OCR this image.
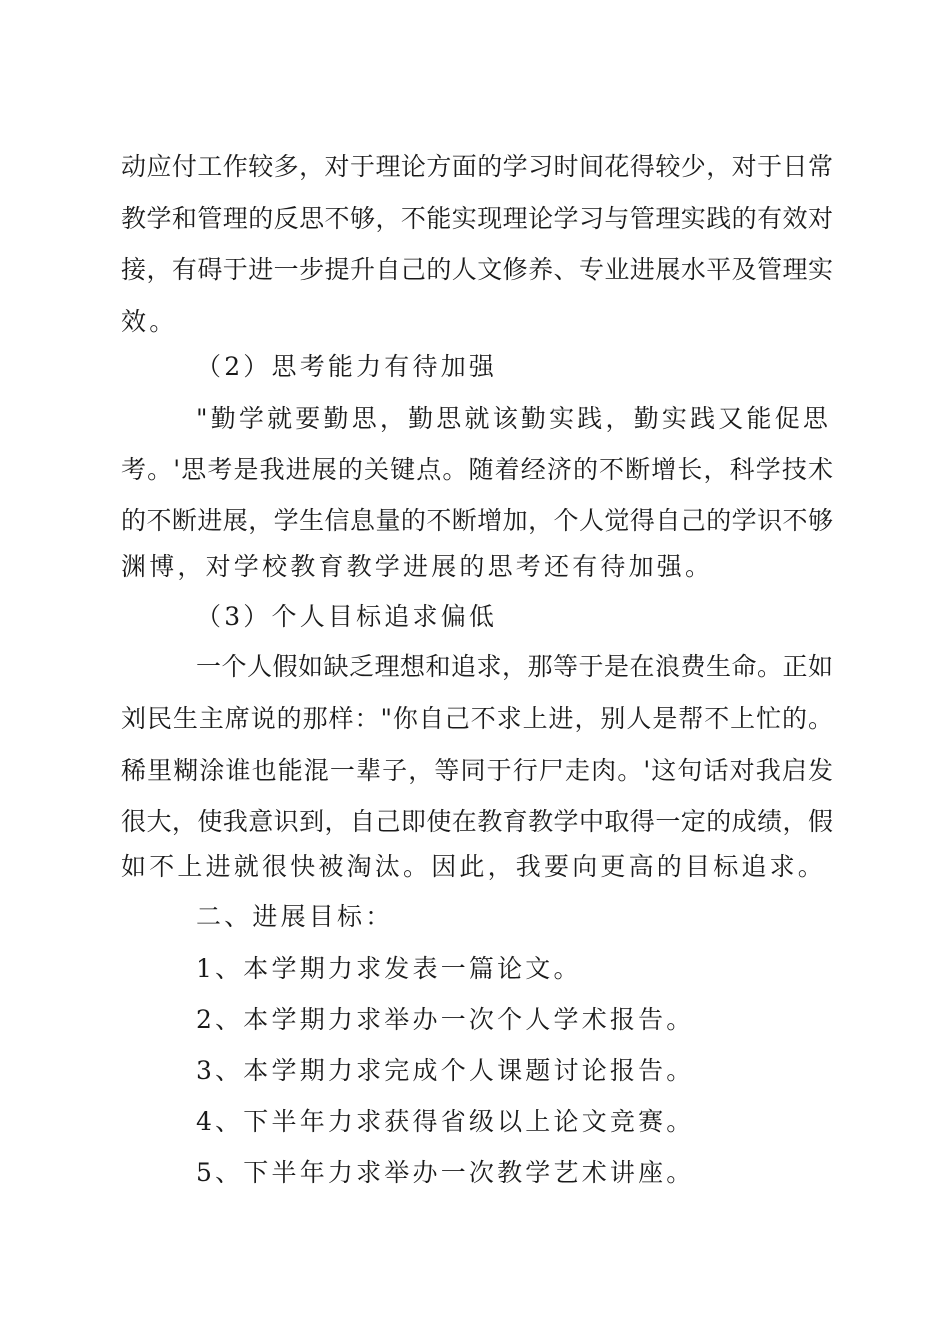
动应付工作较多，对于理论方面的学习时间花得较少，对于日常
教学和管理的反思不够，不能实现理论学习与管理实践的有效对
接，有碍于进一步提升自己的人文修养、专业进展水平及管理实
效。
（2）思考能力有待加强
"勤学就要勤思，勤思就该勤实践，勤实践又能促思
考。'思考是我进展的关键点。随着经济的不断增长，科学技术
的不断进展，学生信息量的不断增加，个人觉得自己的学识不够
渊博，对学校教育教学进展的思考还有待加强。
（3）个人目标追求偏低
一个人假如缺乏理想和追求，那等于是在浪费生命。正如
刘民生主席说的那样："你自己不求上进，别人是帮不上忙的。
稀里糊涂谁也能混一辈子，等同于行尸走肉。'这句话对我启发
很大，使我意识到，自己即使在教育教学中取得一定的成绩，假
如不上进就很快被淘汰。因此，我要向更高的目标追求。
二、进展目标：
1、本学期力求发表一篇论文。
2、本学期力求举办一次个人学术报告。
3、本学期力求完成个人课题讨论报告。
4、下半年力求获得省级以上论文竞赛。
5、下半年力求举办一次教学艺术讲座。
